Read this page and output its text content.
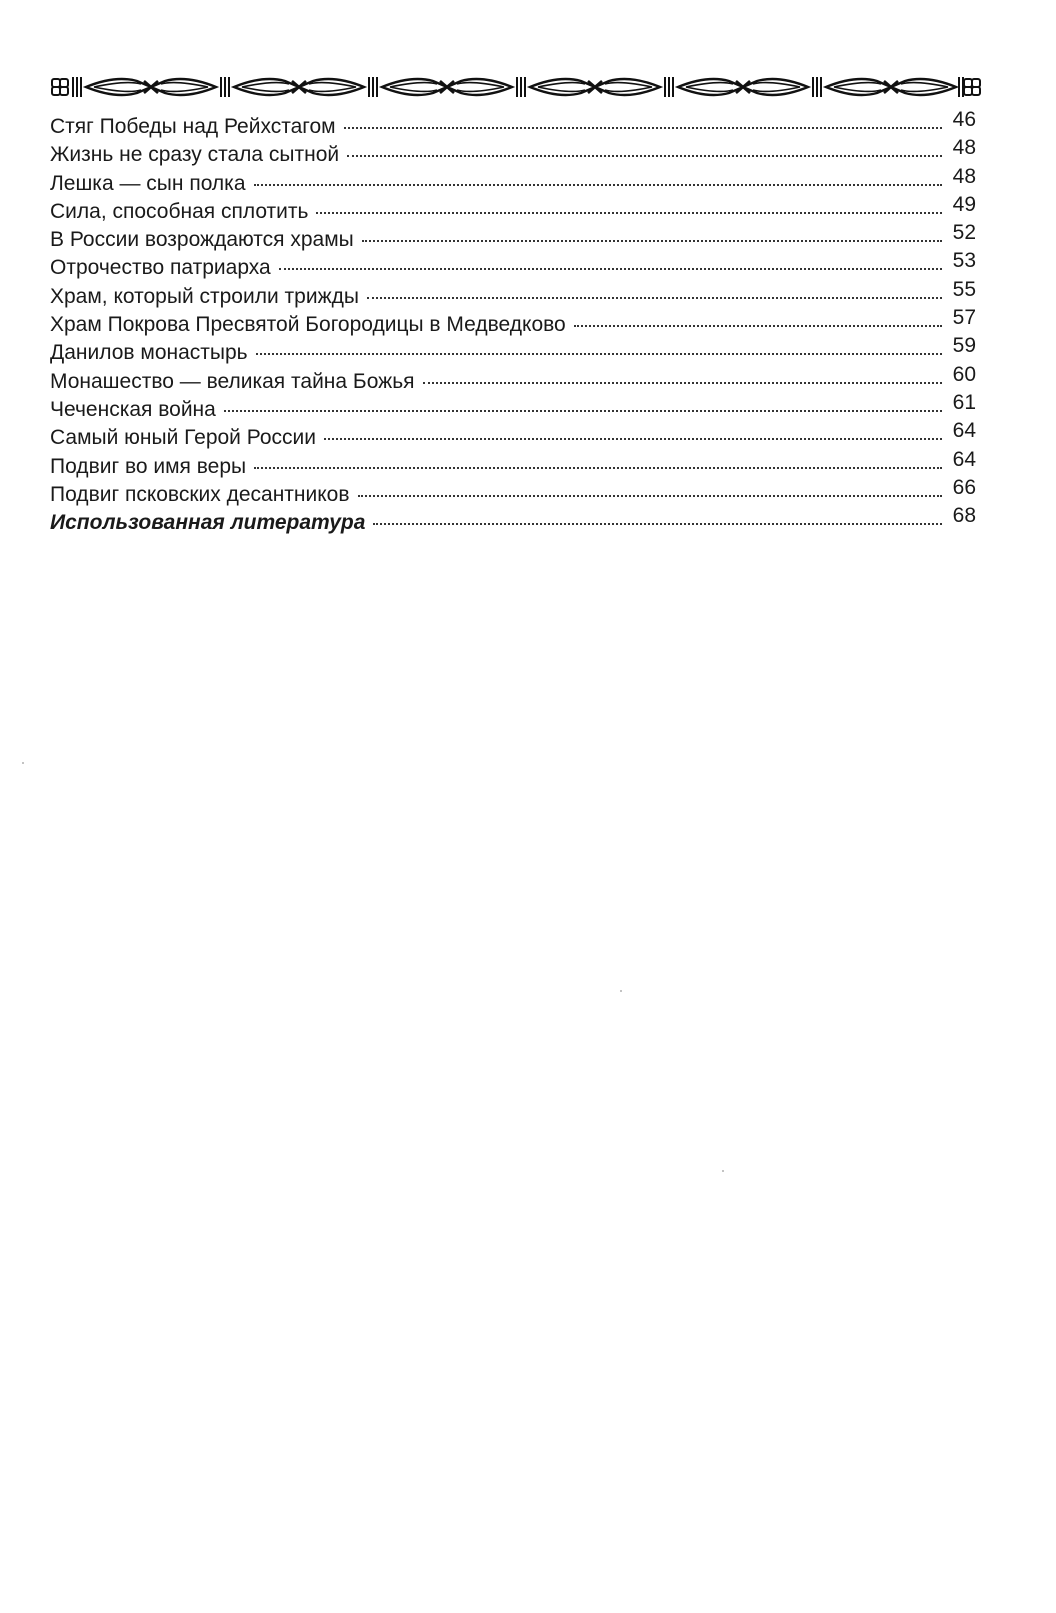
Стяг Победы над Рейхстагом	46
Жизнь не сразу стала сытной	48
Лешка — сын полка	48
Сила, способная сплотить	49
В России возрождаются храмы	52
Отрочество патриарха	53
Храм, который строили трижды	55
Храм Покрова Пресвятой Богородицы в Медведково	57
Данилов монастырь	59
Монашество — великая тайна Божья	60
Чеченская война	61
Самый юный Герой России	64
Подвиг во имя веры	64
Подвиг псковских десантников	66
Использованная литература	68
